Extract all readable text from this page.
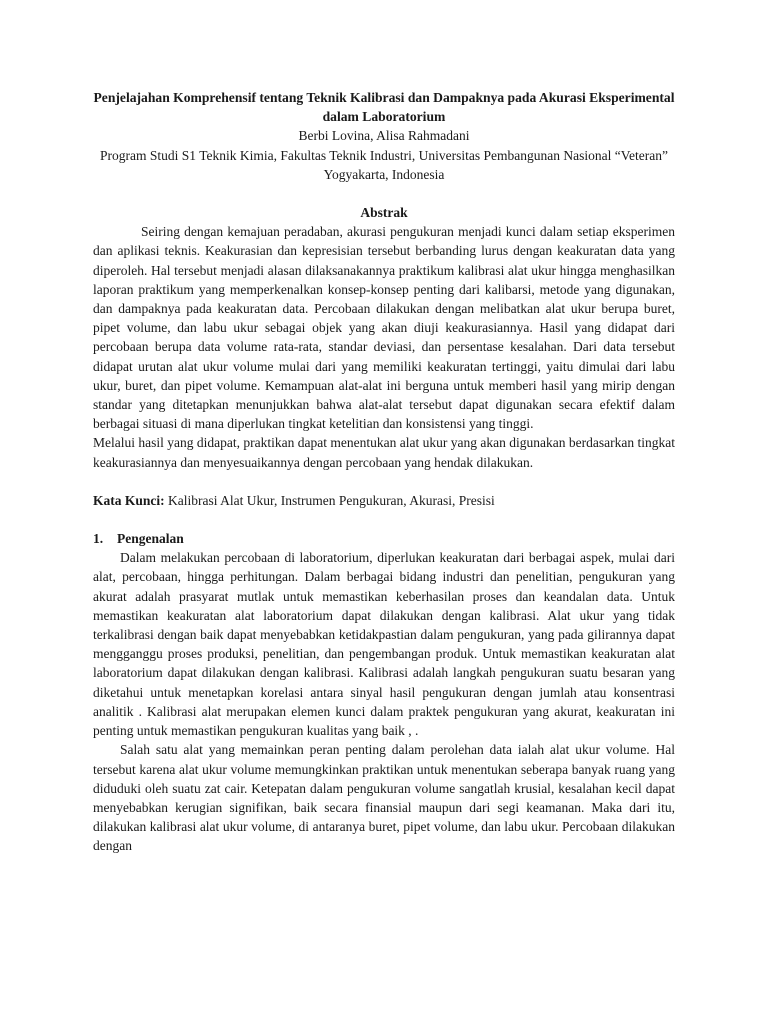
Penjelajahan Komprehensif tentang Teknik Kalibrasi dan Dampaknya pada Akurasi Eksperimental dalam Laboratorium

Berbi Lovina, Alisa Rahmadani

Program Studi S1 Teknik Kimia, Fakultas Teknik Industri, Universitas Pembangunan Nasional “Veteran” Yogyakarta, Indonesia

Abstrak

Seiring dengan kemajuan peradaban, akurasi pengukuran menjadi kunci dalam setiap eksperimen dan aplikasi teknis. Keakurasian dan kepresisian tersebut berbanding lurus dengan keakuratan data yang diperoleh. Hal tersebut menjadi alasan dilaksanakannya praktikum kalibrasi alat ukur hingga menghasilkan laporan praktikum yang memperkenalkan konsep-konsep penting dari kalibarsi, metode yang digunakan, dan dampaknya pada keakuratan data. Percobaan dilakukan dengan melibatkan alat ukur berupa buret, pipet volume, dan labu ukur sebagai objek yang akan diuji keakurasiannya. Hasil yang didapat dari percobaan berupa data volume rata-rata, standar deviasi, dan persentase kesalahan. Dari data tersebut didapat urutan alat ukur volume mulai dari yang memiliki keakuratan tertinggi, yaitu dimulai dari labu ukur, buret, dan pipet volume. Kemampuan alat-alat ini berguna untuk memberi hasil yang mirip dengan standar yang ditetapkan menunjukkan bahwa alat-alat tersebut dapat digunakan secara efektif dalam berbagai situasi di mana diperlukan tingkat ketelitian dan konsistensi yang tinggi.

Melalui hasil yang didapat, praktikan dapat menentukan alat ukur yang akan digunakan berdasarkan tingkat keakurasiannya dan menyesuaikannya dengan percobaan yang hendak dilakukan.

Kata Kunci: Kalibrasi Alat Ukur, Instrumen Pengukuran, Akurasi, Presisi

1. Pengenalan

Dalam melakukan percobaan di laboratorium, diperlukan keakuratan dari berbagai aspek, mulai dari alat, percobaan, hingga perhitungan. Dalam berbagai bidang industri dan penelitian, pengukuran yang akurat adalah prasyarat mutlak untuk memastikan keberhasilan proses dan keandalan data. Untuk memastikan keakuratan alat laboratorium dapat dilakukan dengan kalibrasi. Alat ukur yang tidak terkalibrasi dengan baik dapat menyebabkan ketidakpastian dalam pengukuran, yang pada gilirannya dapat mengganggu proses produksi, penelitian, dan pengembangan produk. Untuk memastikan keakuratan alat laboratorium dapat dilakukan dengan kalibrasi. Kalibrasi adalah langkah pengukuran suatu besaran yang diketahui untuk menetapkan korelasi antara sinyal hasil pengukuran dengan jumlah atau konsentrasi analitik . Kalibrasi alat merupakan elemen kunci dalam praktek pengukuran yang akurat, keakuratan ini penting untuk memastikan pengukuran kualitas yang baik , .

Salah satu alat yang memainkan peran penting dalam perolehan data ialah alat ukur volume. Hal tersebut karena alat ukur volume memungkinkan praktikan untuk menentukan seberapa banyak ruang yang diduduki oleh suatu zat cair. Ketepatan dalam pengukuran volume sangatlah krusial, kesalahan kecil dapat menyebabkan kerugian signifikan, baik secara finansial maupun dari segi keamanan. Maka dari itu, dilakukan kalibrasi alat ukur volume, di antaranya buret, pipet volume, dan labu ukur. Percobaan dilakukan dengan
